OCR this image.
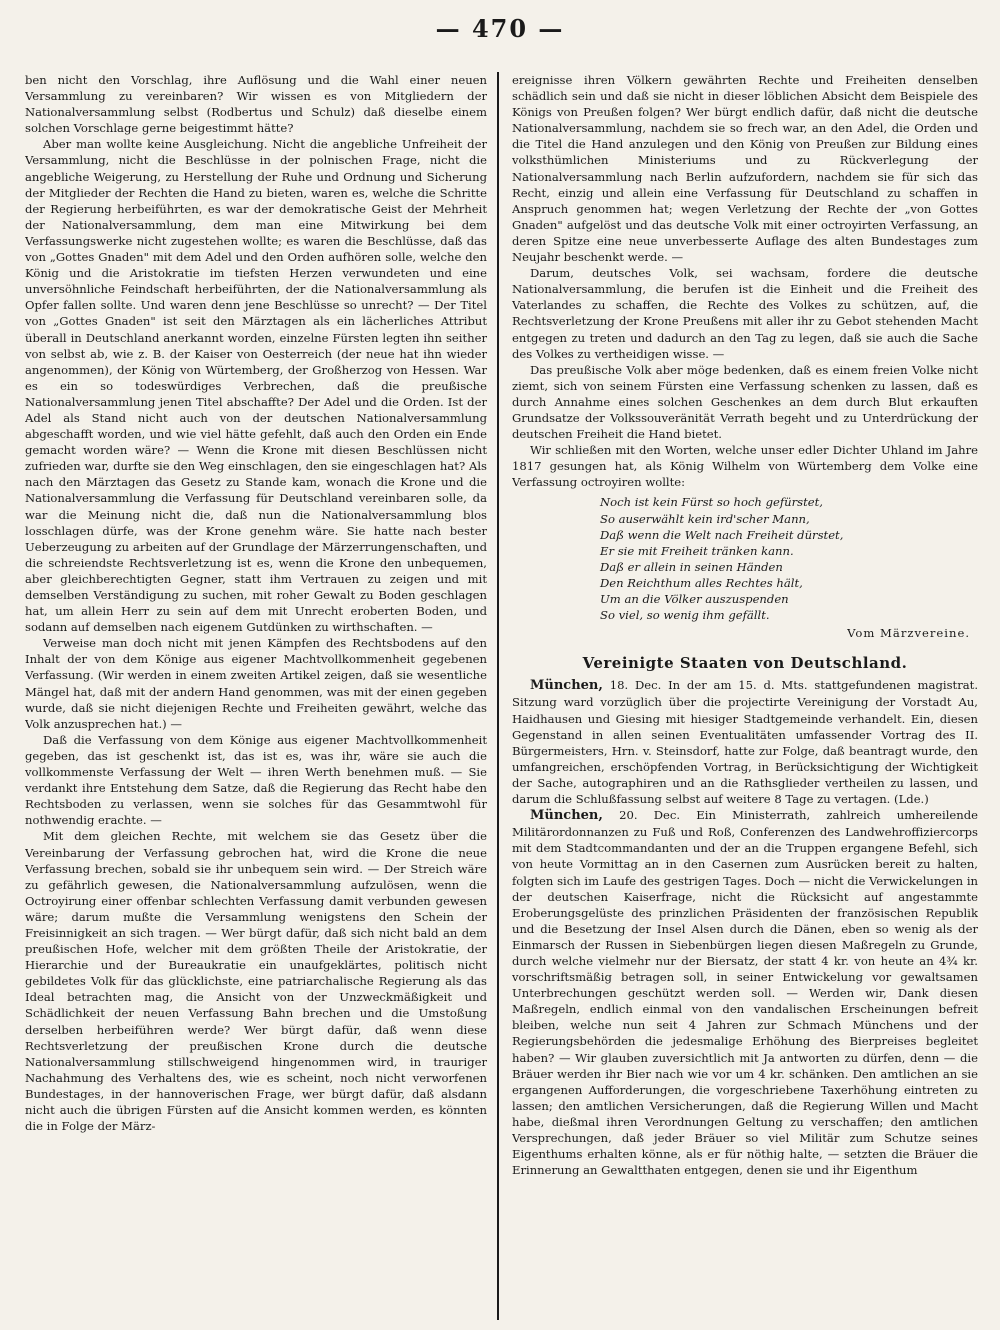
— 470 —

ben nicht den Vorschlag, ihre Auflösung und die Wahl einer neuen Versammlung zu vereinbaren? Wir wissen es von Mitgliedern der Nationalversammlung selbst (Rodbertus und Schulz) daß dieselbe einem solchen Vorschlage gerne beigestimmt hätte?

Aber man wollte keine Ausgleichung. Nicht die angebliche Unfreiheit der Versammlung, nicht die Beschlüsse in der polnischen Frage, nicht die angebliche Weigerung, zu Herstellung der Ruhe und Ordnung und Sicherung der Mitglieder der Rechten die Hand zu bieten, waren es, welche die Schritte der Regierung herbeiführten, es war der demokratische Geist der Mehrheit der Nationalversammlung, dem man eine Mitwirkung bei dem Verfassungswerke nicht zugestehen wollte; es waren die Beschlüsse, daß das von „Gottes Gnaden" mit dem Adel und den Orden aufhören solle, welche den König und die Aristokratie im tiefsten Herzen verwundeten und eine unversöhnliche Feindschaft herbeiführten, der die Nationalversammlung als Opfer fallen sollte. Und waren denn jene Beschlüsse so unrecht? — Der Titel von „Gottes Gnaden" ist seit den Märztagen als ein lächerliches Attribut überall in Deutschland anerkannt worden, einzelne Fürsten legten ihn seither von selbst ab, wie z. B. der Kaiser von Oesterreich (der neue hat ihn wieder angenommen), der König von Würtemberg, der Großherzog von Hessen. War es ein so todeswürdiges Verbrechen, daß die preußische Nationalversammlung jenen Titel abschaffte? Der Adel und die Orden. Ist der Adel als Stand nicht auch von der deutschen Nationalversammlung abgeschafft worden, und wie viel hätte gefehlt, daß auch den Orden ein Ende gemacht worden wäre? — Wenn die Krone mit diesen Beschlüssen nicht zufrieden war, durfte sie den Weg einschlagen, den sie eingeschlagen hat? Als nach den Märztagen das Gesetz zu Stande kam, wonach die Krone und die Nationalversammlung die Verfassung für Deutschland vereinbaren solle, da war die Meinung nicht die, daß nun die Nationalversammlung blos losschlagen dürfe, was der Krone genehm wäre. Sie hatte nach bester Ueberzeugung zu arbeiten auf der Grundlage der Märzerrungenschaften, und die schreiendste Rechtsverletzung ist es, wenn die Krone den unbequemen, aber gleichberechtigten Gegner, statt ihm Vertrauen zu zeigen und mit demselben Verständigung zu suchen, mit roher Gewalt zu Boden geschlagen hat, um allein Herr zu sein auf dem mit Unrecht eroberten Boden, und sodann auf demselben nach eigenem Gutdünken zu wirthschaften. —

Verweise man doch nicht mit jenen Kämpfen des Rechtsbodens auf den Inhalt der von dem Könige aus eigener Machtvollkommenheit gegebenen Verfassung. (Wir werden in einem zweiten Artikel zeigen, daß sie wesentliche Mängel hat, daß mit der andern Hand genommen, was mit der einen gegeben wurde, daß sie nicht diejenigen Rechte und Freiheiten gewährt, welche das Volk anzusprechen hat.) —

Daß die Verfassung von dem Könige aus eigener Machtvollkommenheit gegeben, das ist geschenkt ist, das ist es, was ihr, wäre sie auch die vollkommenste Verfassung der Welt — ihren Werth benehmen muß. — Sie verdankt ihre Entstehung dem Satze, daß die Regierung das Recht habe den Rechtsboden zu verlassen, wenn sie solches für das Gesammtwohl für nothwendig erachte. —

Mit dem gleichen Rechte, mit welchem sie das Gesetz über die Vereinbarung der Verfassung gebrochen hat, wird die Krone die neue Verfassung brechen, sobald sie ihr unbequem sein wird. — Der Streich wäre zu gefährlich gewesen, die Nationalversammlung aufzulösen, wenn die Octroyirung einer offenbar schlechten Verfassung damit verbunden gewesen wäre; darum mußte die Versammlung wenigstens den Schein der Freisinnigkeit an sich tragen. — Wer bürgt dafür, daß sich nicht bald an dem preußischen Hofe, welcher mit dem größten Theile der Aristokratie, der Hierarchie und der Bureaukratie ein unaufgeklärtes, politisch nicht gebildetes Volk für das glücklichste, eine patriarchalische Regierung als das Ideal betrachten mag, die Ansicht von der Unzweckmäßigkeit und Schädlichkeit der neuen Verfassung Bahn brechen und die Umstoßung derselben herbeiführen werde? Wer bürgt dafür, daß wenn diese Rechtsverletzung der preußischen Krone durch die deutsche Nationalversammlung stillschweigend hingenommen wird, in trauriger Nachahmung des Verhaltens des, wie es scheint, noch nicht verworfenen Bundestages, in der hannoverischen Frage, wer bürgt dafür, daß alsdann nicht auch die übrigen Fürsten auf die Ansicht kommen werden, es könnten die in Folge der März-

ereignisse ihren Völkern gewährten Rechte und Freiheiten denselben schädlich sein und daß sie nicht in dieser löblichen Absicht dem Beispiele des Königs von Preußen folgen? Wer bürgt endlich dafür, daß nicht die deutsche Nationalversammlung, nachdem sie so frech war, an den Adel, die Orden und die Titel die Hand anzulegen und den König von Preußen zur Bildung eines volksthümlichen Ministeriums und zu Rückverlegung der Nationalversammlung nach Berlin aufzufordern, nachdem sie für sich das Recht, einzig und allein eine Verfassung für Deutschland zu schaffen in Anspruch genommen hat; wegen Verletzung der Rechte der „von Gottes Gnaden" aufgelöst und das deutsche Volk mit einer octroyirten Verfassung, an deren Spitze eine neue unverbesserte Auflage des alten Bundestages zum Neujahr beschenkt werde. —

Darum, deutsches Volk, sei wachsam, fordere die deutsche Nationalversammlung, die berufen ist die Einheit und die Freiheit des Vaterlandes zu schaffen, die Rechte des Volkes zu schützen, auf, die Rechtsverletzung der Krone Preußens mit aller ihr zu Gebot stehenden Macht entgegen zu treten und dadurch an den Tag zu legen, daß sie auch die Sache des Volkes zu vertheidigen wisse. —

Das preußische Volk aber möge bedenken, daß es einem freien Volke nicht ziemt, sich von seinem Fürsten eine Verfassung schenken zu lassen, daß es durch Annahme eines solchen Geschenkes an dem durch Blut erkauften Grundsatze der Volkssouveränität Verrath begeht und zu Unterdrückung der deutschen Freiheit die Hand bietet.

Wir schließen mit den Worten, welche unser edler Dichter Uhland im Jahre 1817 gesungen hat, als König Wilhelm von Würtemberg dem Volke eine Verfassung octroyiren wollte:

Noch ist kein Fürst so hoch gefürstet,
So auserwählt kein ird'scher Mann,
Daß wenn die Welt nach Freiheit dürstet,
Er sie mit Freiheit tränken kann.
Daß er allein in seinen Händen
Den Reichthum alles Rechtes hält,
Um an die Völker auszuspenden
So viel, so wenig ihm gefällt.
Vom Märzvereine.
Vereinigte Staaten von Deutschland.

München, 18. Dec. In der am 15. d. Mts. stattgefundenen magistrat. Sitzung ward vorzüglich über die projectirte Vereinigung der Vorstadt Au, Haidhausen und Giesing mit hiesiger Stadtgemeinde verhandelt. Ein, diesen Gegenstand in allen seinen Eventualitäten umfassender Vortrag des II. Bürgermeisters, Hrn. v. Steinsdorf, hatte zur Folge, daß beantragt wurde, den umfangreichen, erschöpfenden Vortrag, in Berücksichtigung der Wichtigkeit der Sache, autographiren und an die Rathsglieder vertheilen zu lassen, und darum die Schlußfassung selbst auf weitere 8 Tage zu vertagen. (Lde.)

München, 20. Dec. Ein Ministerrath, zahlreich umhereilende Militärordonnanzen zu Fuß und Roß, Conferenzen des Landwehroffiziercorps mit dem Stadtcommandanten und der an die Truppen ergangene Befehl, sich von heute Vormittag an in den Casernen zum Ausrücken bereit zu halten, folgten sich im Laufe des gestrigen Tages. Doch — nicht die Verwickelungen in der deutschen Kaiserfrage, nicht die Rücksicht auf angestammte Eroberungsgelüste des prinzlichen Präsidenten der französischen Republik und die Besetzung der Insel Alsen durch die Dänen, eben so wenig als der Einmarsch der Russen in Siebenbürgen liegen diesen Maßregeln zu Grunde, durch welche vielmehr nur der Biersatz, der statt 4 kr. von heute an 4¾ kr. vorschriftsmäßig betragen soll, in seiner Entwickelung vor gewaltsamen Unterbrechungen geschützt werden soll. — Werden wir, Dank diesen Maßregeln, endlich einmal von den vandalischen Erscheinungen befreit bleiben, welche nun seit 4 Jahren zur Schmach Münchens und der Regierungsbehörden die jedesmalige Erhöhung des Bierpreises begleitet haben? — Wir glauben zuversichtlich mit Ja antworten zu dürfen, denn — die Bräuer werden ihr Bier nach wie vor um 4 kr. schänken. Den amtlichen an sie ergangenen Aufforderungen, die vorgeschriebene Taxerhöhung eintreten zu lassen; den amtlichen Versicherungen, daß die Regierung Willen und Macht habe, dießmal ihren Verordnungen Geltung zu verschaffen; den amtlichen Versprechungen, daß jeder Bräuer so viel Militär zum Schutze seines Eigenthums erhalten könne, als er für nöthig halte, — setzten die Bräuer die Erinnerung an Gewaltthaten entgegen, denen sie und ihr Eigenthum
